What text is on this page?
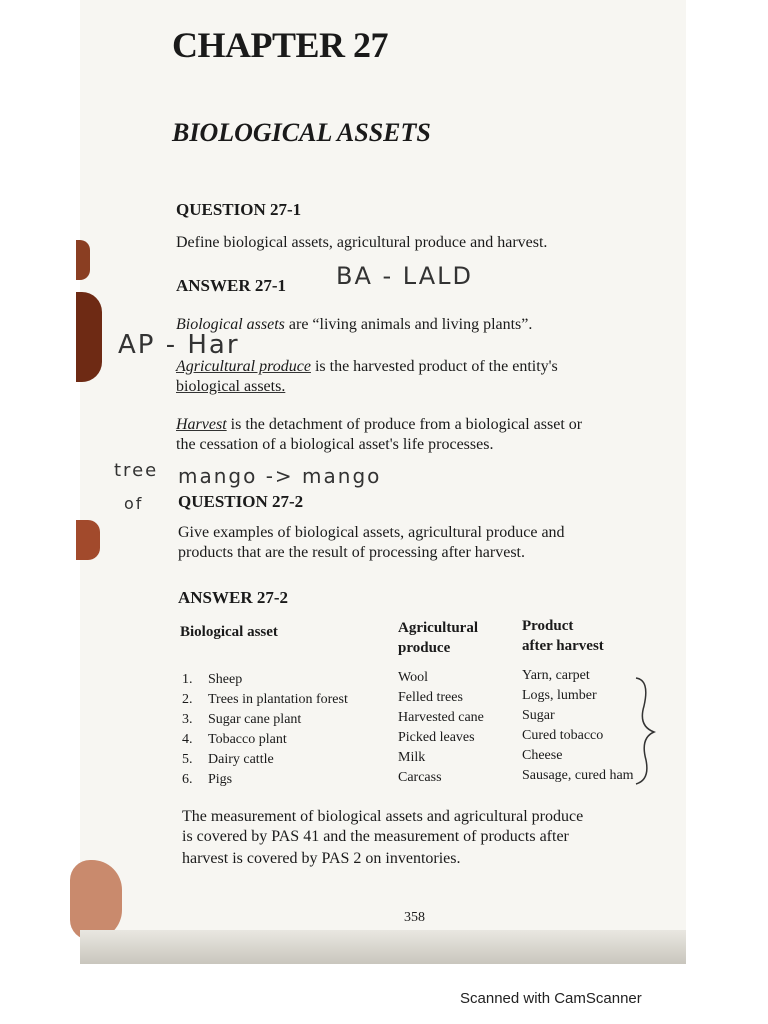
CHAPTER 27
BIOLOGICAL ASSETS
QUESTION 27-1
Define biological assets, agricultural produce and harvest.
ANSWER 27-1 BA - LALD
Biological assets are “living animals and living plants”.
AP - Har
Agricultural produce is the harvested product of the entity's
biological assets.
Harvest is the detachment of produce from a biological asset or
the cessation of a biological asset's life processes.
tree
of
mango -> mango
QUESTION 27-2
Give examples of biological assets, agricultural produce and
products that are the result of processing after harvest.
ANSWER 27-2
Biological asset	Agricultural
produce
Product
after harvest
1. Sheep	Wool	Yarn, carpet
2. Trees in plantation forest	Felled trees	Logs, lumber
3. Sugar cane plant	Harvested cane	Sugar
4. Tobacco plant	Picked leaves	Cured tobacco
5. Dairy cattle	Milk	Cheese
6. Pigs	Carcass	Sausage, cured ham
The measurement of biological assets and agricultural produce
is covered by PAS 41 and the measurement of products after
harvest is covered by PAS 2 on inventories.
358
Scanned with CamScanner
